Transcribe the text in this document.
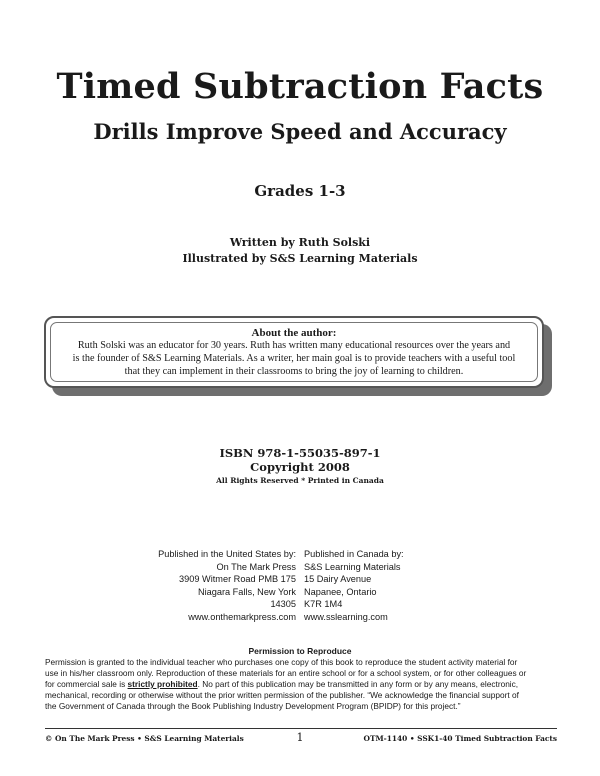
Timed Subtraction Facts
Drills Improve Speed and Accuracy
Grades 1-3
Written by Ruth Solski
Illustrated by S&S Learning Materials
About the author:
Ruth Solski was an educator for 30 years. Ruth has written many educational resources over the years and
is the founder of S&S Learning Materials. As a writer, her main goal is to provide teachers with a useful tool
that they can implement in their classrooms to bring the joy of learning to children.
ISBN 978-1-55035-897-1
Copyright 2008
All Rights Reserved * Printed in Canada
Published in the United States by:
On The Mark Press
3909 Witmer Road PMB 175
Niagara Falls, New York
14305
www.onthemarkpress.com
Published in Canada by:
S&S Learning Materials
15 Dairy Avenue
Napanee, Ontario
K7R 1M4
www.sslearning.com
Permission to Reproduce
Permission is granted to the individual teacher who purchases one copy of this book to reproduce the student activity material for
use in his/her classroom only. Reproduction of these materials for an entire school or for a school system, or for other colleagues or
for commercial sale is strictly prohibited. No part of this publication may be transmitted in any form or by any means, electronic,
mechanical, recording or otherwise without the prior written permission of the publisher. “We acknowledge the financial support of
the Government of Canada through the Book Publishing Industry Development Program (BPIDP) for this project.”
© On The Mark Press • S&S Learning Materials	1	OTM-1140 • SSK1-40 Timed Subtraction Facts
